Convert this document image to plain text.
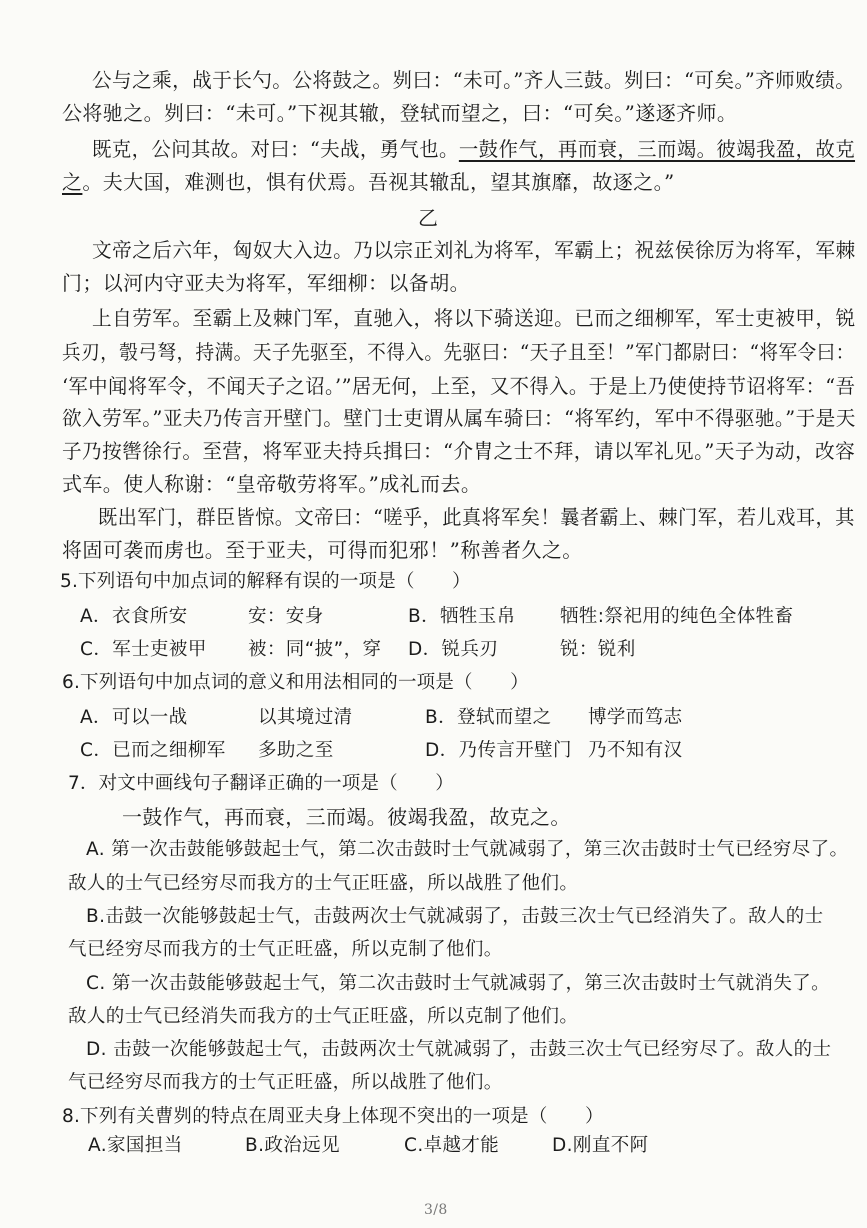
公与之乘，战于长勺。公将鼓之。刿曰：“未可。”齐人三鼓。刿曰：“可矣。”齐师败绩。
公将驰之。刿曰：“未可。”下视其辙，登轼而望之，曰：“可矣。”遂逐齐师。
既克，公问其故。对曰：“夫战，勇气也。一鼓作气，再而衰，三而竭。彼竭我盈，故克
之。夫大国，难测也，惧有伏焉。吾视其辙乱，望其旗靡，故逐之。”
乙
文帝之后六年，匈奴大入边。乃以宗正刘礼为将军，军霸上；祝兹侯徐厉为将军，军棘
门；以河内守亚夫为将军，军细柳：以备胡。
上自劳军。至霸上及棘门军，直驰入，将以下骑送迎。已而之细柳军，军士吏被甲，锐
兵刃，彀弓弩，持满。天子先驱至，不得入。先驱曰：“天子且至！”军门都尉曰：“将军令曰：
‘军中闻将军令，不闻天子之诏。’”居无何，上至，又不得入。于是上乃使使持节诏将军：“吾
欲入劳军。”亚夫乃传言开壁门。壁门士吏谓从属车骑曰：“将军约，军中不得驱驰。”于是天
子乃按辔徐行。至营，将军亚夫持兵揖曰：“介胄之士不拜，请以军礼见。”天子为动，改容
式车。使人称谢：“皇帝敬劳将军。”成礼而去。
既出军门，群臣皆惊。文帝曰：“嗟乎，此真将军矣！曩者霸上、棘门军，若儿戏耳，其
将固可袭而虏也。至于亚夫，可得而犯邪！”称善者久之。
5.下列语句中加点词的解释有误的一项是（　　）
A．衣食所安	安：安身	B．牺牲玉帛 牺牲:祭祀用的纯色全体牲畜
C．军士吏被甲 被：同“披”，穿 D．锐兵刃	锐：锐利
6.下列语句中加点词的意义和用法相同的一项是（　　）
A．可以一战	以其境过清	B．登轼而望之 博学而笃志
C．已而之细柳军 多助之至	D．乃传言开壁门 乃不知有汉
7．对文中画线句子翻译正确的一项是（　　）
一鼓作气，再而衰，三而竭。彼竭我盈，故克之。
A. 第一次击鼓能够鼓起士气，第二次击鼓时士气就减弱了，第三次击鼓时士气已经穷尽了。
敌人的士气已经穷尽而我方的士气正旺盛，所以战胜了他们。
B.击鼓一次能够鼓起士气，击鼓两次士气就减弱了，击鼓三次士气已经消失了。敌人的士
气已经穷尽而我方的士气正旺盛，所以克制了他们。
C. 第一次击鼓能够鼓起士气，第二次击鼓时士气就减弱了，第三次击鼓时士气就消失了。
敌人的士气已经消失而我方的士气正旺盛，所以克制了他们。
D. 击鼓一次能够鼓起士气，击鼓两次士气就减弱了，击鼓三次士气已经穷尽了。敌人的士
气已经穷尽而我方的士气正旺盛，所以战胜了他们。
8.下列有关曹刿的特点在周亚夫身上体现不突出的一项是（　　）
A.家国担当	B.政治远见	C.卓越才能	D.刚直不阿
3/8
